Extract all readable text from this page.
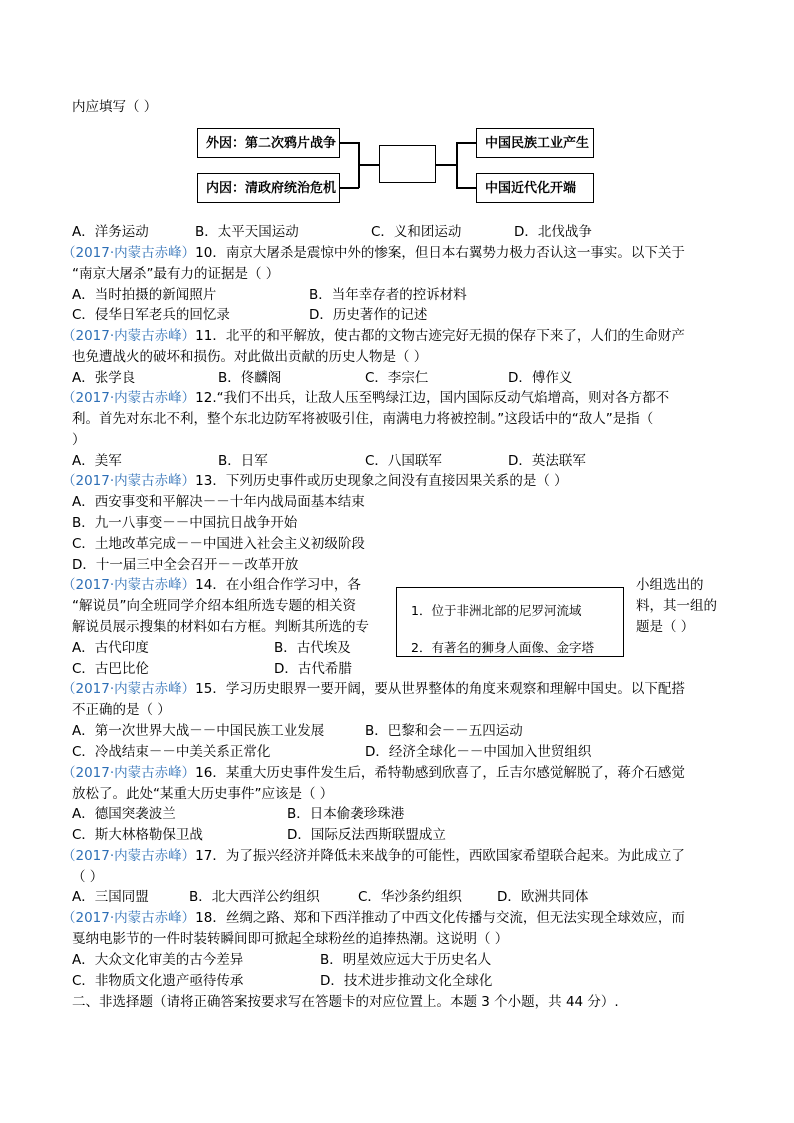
内应填写（ ）
外因：第二次鸦片战争
内因：清政府统治危机
中国民族工业产生
中国近代化开端
A．洋务运动	B．太平天国运动	C．义和团运动	D．北伐战争
（2017·内蒙古赤峰）10．南京大屠杀是震惊中外的惨案，但日本右翼势力极力否认这一事实。以下关于
“南京大屠杀”最有力的证据是（ ）
A．当时拍摄的新闻照片	B．当年幸存者的控诉材料
C．侵华日军老兵的回忆录	D．历史著作的记述
（2017·内蒙古赤峰）11．北平的和平解放，使古都的文物古迹完好无损的保存下来了，人们的生命财产
也免遭战火的破坏和损伤。对此做出贡献的历史人物是（ ）
A．张学良	B．佟麟阁	C．李宗仁	D．傅作义
（2017·内蒙古赤峰）12.“我们不出兵，让敌人压至鸭绿江边，国内国际反动气焰增高，则对各方都不
利。首先对东北不利，整个东北边防军将被吸引住，南满电力将被控制。”这段话中的“敌人”是指（
）
A．美军	B．日军	C．八国联军	D．英法联军
（2017·内蒙古赤峰）13．下列历史事件或历史现象之间没有直接因果关系的是（ ）
A．西安事变和平解决－－十年内战局面基本结束
B．九一八事变－－中国抗日战争开始
C．土地改革完成－－中国进入社会主义初级阶段
D．十一届三中全会召开－－改革开放
（2017·内蒙古赤峰）14．在小组合作学习中，各	小组选出的
“解说员”向全班同学介绍本组所选专题的相关资	料，其一组的
解说员展示搜集的材料如右方框。判断其所选的专	题是（ ）
1．位于非洲北部的尼罗河流域
2．有著名的狮身人面像、金字塔
A．古代印度	B．古代埃及
C．古巴比伦	D．古代希腊
（2017·内蒙古赤峰）15．学习历史眼界一要开阔，要从世界整体的角度来观察和理解中国史。以下配搭
不正确的是（ ）
A．第一次世界大战－－中国民族工业发展	B．巴黎和会－－五四运动
C．冷战结束－－中美关系正常化	D．经济全球化－－中国加入世贸组织
（2017·内蒙古赤峰）16．某重大历史事件发生后，希特勒感到欣喜了，丘吉尔感觉解脱了，蒋介石感觉
放松了。此处“某重大历史事件”应该是（ ）
A．德国突袭波兰	B．日本偷袭珍珠港
C．斯大林格勒保卫战	D．国际反法西斯联盟成立
（2017·内蒙古赤峰）17．为了振兴经济并降低未来战争的可能性，西欧国家希望联合起来。为此成立了
（ ）
A．三国同盟	B．北大西洋公约组织	C．华沙条约组织	D．欧洲共同体
（2017·内蒙古赤峰）18．丝绸之路、郑和下西洋推动了中西文化传播与交流，但无法实现全球效应，而
戛纳电影节的一件时装转瞬间即可掀起全球粉丝的追捧热潮。这说明（ ）
A．大众文化审美的古今差异	B．明星效应远大于历史名人
C．非物质文化遗产亟待传承	D．技术进步推动文化全球化
二、非选择题（请将正确答案按要求写在答题卡的对应位置上。本题 3 个小题，共 44 分）.
